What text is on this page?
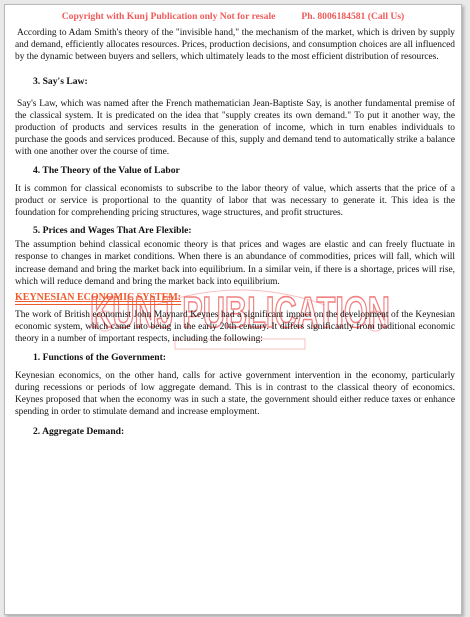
Copyright with Kunj Publication only Not for resale	Ph. 8006184581 (Call Us)
KUNJ PUBLICATION

According to Adam Smith's theory of the "invisible hand," the mechanism of the market, which is driven by supply and demand, efficiently allocates resources. Prices, production decisions, and consumption choices are all influenced by the dynamic between buyers and sellers, which ultimately leads to the most efficient distribution of resources.

3. Say's Law:

Say's Law, which was named after the French mathematician Jean-Baptiste Say, is another fundamental premise of the classical system. It is predicated on the idea that "supply creates its own demand." To put it another way, the production of products and services results in the generation of income, which in turn enables individuals to purchase the goods and services produced. Because of this, supply and demand tend to automatically strike a balance with one another over the course of time.

4. The Theory of the Value of Labor

It is common for classical economists to subscribe to the labor theory of value, which asserts that the price of a product or service is proportional to the quantity of labor that was necessary to generate it. This idea is the foundation for comprehending pricing structures, wage structures, and profit structures.

5. Prices and Wages That Are Flexible:

The assumption behind classical economic theory is that prices and wages are elastic and can freely fluctuate in response to changes in market conditions. When there is an abundance of commodities, prices will fall, which will increase demand and bring the market back into equilibrium. In a similar vein, if there is a shortage, prices will rise, which will reduce demand and bring the market back into equilibrium.

KEYNESIAN ECONOMIC SYSTEM:

The work of British economist John Maynard Keynes had a significant impact on the development of the Keynesian economic system, which came into being in the early 20th century. It differs significantly from traditional economic theory in a number of important respects, including the following:

1. Functions of the Government:

Keynesian economics, on the other hand, calls for active government intervention in the economy, particularly during recessions or periods of low aggregate demand. This is in contrast to the classical theory of economics. Keynes proposed that when the economy was in such a state, the government should either reduce taxes or enhance spending in order to stimulate demand and increase employment.

2. Aggregate Demand:
